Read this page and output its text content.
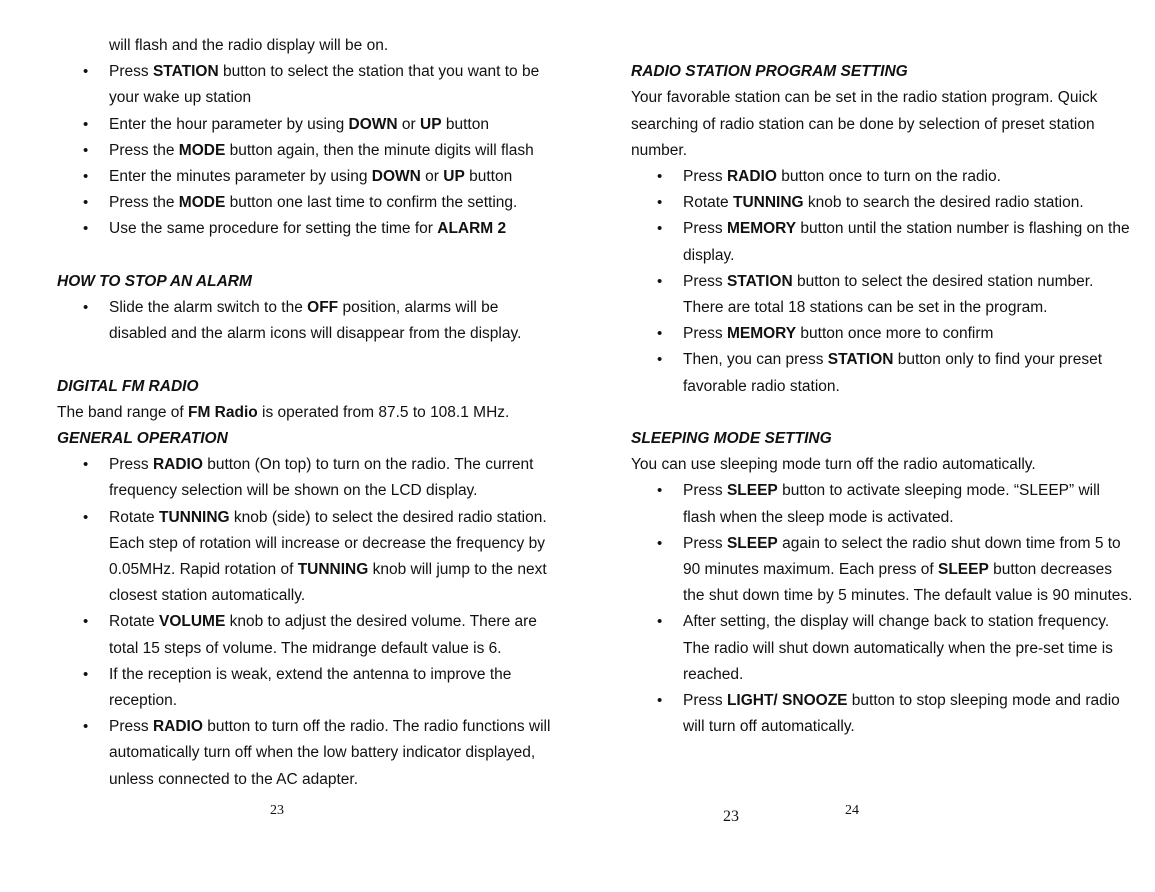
will flash and the radio display will be on.
• Press STATION button to select the station that you want to be
your wake up station
• Enter the hour parameter by using DOWN or UP button
• Press the MODE button again, then the minute digits will flash
• Enter the minutes parameter by using DOWN or UP button
• Press the MODE button one last time to confirm the setting.
• Use the same procedure for setting the time for ALARM 2
HOW TO STOP AN ALARM
• Slide the alarm switch to the OFF position, alarms will be
disabled and the alarm icons will disappear from the display.
DIGITAL FM RADIO
The band range of FM Radio is operated from 87.5 to 108.1 MHz.
GENERAL OPERATION
• Press RADIO button (On top) to turn on the radio. The current
frequency selection will be shown on the LCD display.
• Rotate TUNNING knob (side) to select the desired radio station.
Each step of rotation will increase or decrease the frequency by
0.05MHz. Rapid rotation of TUNNING knob will jump to the next
closest station automatically.
• Rotate VOLUME knob to adjust the desired volume. There are
total 15 steps of volume. The midrange default value is 6.
• If the reception is weak, extend the antenna to improve the
reception.
• Press RADIO button to turn off the radio. The radio functions will
automatically turn off when the low battery indicator displayed,
unless connected to the AC adapter.
RADIO STATION PROGRAM SETTING
Your favorable station can be set in the radio station program. Quick
searching of radio station can be done by selection of preset station
number.
• Press RADIO button once to turn on the radio.
• Rotate TUNNING knob to search the desired radio station.
• Press MEMORY button until the station number is flashing on the
display.
• Press STATION button to select the desired station number.
There are total 18 stations can be set in the program.
• Press MEMORY button once more to confirm
• Then, you can press STATION button only to find your preset
favorable radio station.
SLEEPING MODE SETTING
You can use sleeping mode turn off the radio automatically.
• Press SLEEP button to activate sleeping mode. “SLEEP” will
flash when the sleep mode is activated.
• Press SLEEP again to select the radio shut down time from 5 to
90 minutes maximum. Each press of SLEEP button decreases
the shut down time by 5 minutes. The default value is 90 minutes.
• After setting, the display will change back to station frequency.
The radio will shut down automatically when the pre-set time is
reached.
• Press LIGHT/ SNOOZE button to stop sleeping mode and radio
will turn off automatically.
23	23	24
